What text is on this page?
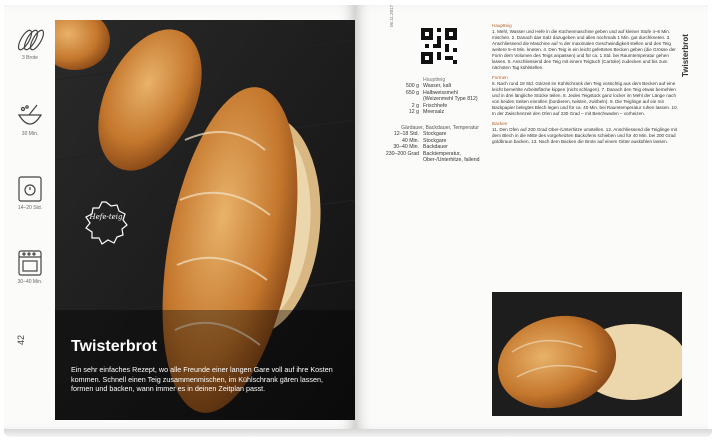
3 Brote
30 Min.
14–20 Std.
30–40 Min.
42
Hefe-teig
Twisterbrot
Ein sehr einfaches Rezept, wo alle Freunde einer langen Gare voll auf ihre Kosten kommen. Schnell einen Teig zusammenmischen, im Kühlschrank gären lassen, formen und backen, wann immer es in deinen Zeitplan passt.
06.11.2017
Twisterbrot
Hauptteig
500 g Wasser, kalt
650 g Halbweissmehl (Weizenmehl Type 812)
2 g Frischhefe
12 g Meersalz
Gärdauer, Backdauer, Temperatur
12–18 Std. Stockgare
40 Min. Stockgare
30–40 Min. Backdauer
230–200 Grad Backtemperatur, Ober-/Unterhitze, fallend
Hauptteig
1. Mehl, Wasser und Hefe in die Küchenmaschine geben und auf kleiner Stufe 4–6 Min. mischen. 2. Danach das Salz dazugeben und alles nochmals 1 Min. gut durchkneten. 3. Anschliessend die Maschine auf ¾ der maximalen Geschwindigkeit stellen und den Teig weitere 5–6 Min. kneten. 4. Den Teig in ein leicht gefettetes Becken geben (die Grösse der Form dem Volumen des Teigs anpassen) und für ca. 1 Std. bei Raumtemperatur gehen lassen. 5. Anschliessend den Teig mit einem Teigtuch (Cartolie) zudecken und bis zum nächsten Tag kühlstellen.
Formen
6. Nach rund 18 Std. Gärzeit im Kühlschrank den Teig vorsichtig aus dem Becken auf eine leicht bemehlte Arbeitsfläche kippen (nicht schlagen). 7. Danach den Teig etwas bemehlen und in drei längliche Stücke teilen. 8. Jedes Teigstück ganz locker im Mehl der Länge nach von beiden Seiten einrollen (bordieren, twisten, zwirbeln). 9. Die Teiglinge auf ein mit Backpapier belegtes Blech legen und für ca. 40 Min. bei Raumtemperatur ruhen lassen. 10. In der Zwischenzeit den Ofen auf 230 Grad – mit Beschwaden – vorheizen.
Backen
11. Den Ofen auf 200 Grad Ober-/Unterhitze umstellen. 12. Anschliessend die Teiglinge mit dem Blech in die Mitte des vorgeheizten Backofens schieben und für 40 Min. bei 200 Grad goldbraun backen. 13. Nach dem Backen die Brote auf einem Gitter auskühlen lassen.
